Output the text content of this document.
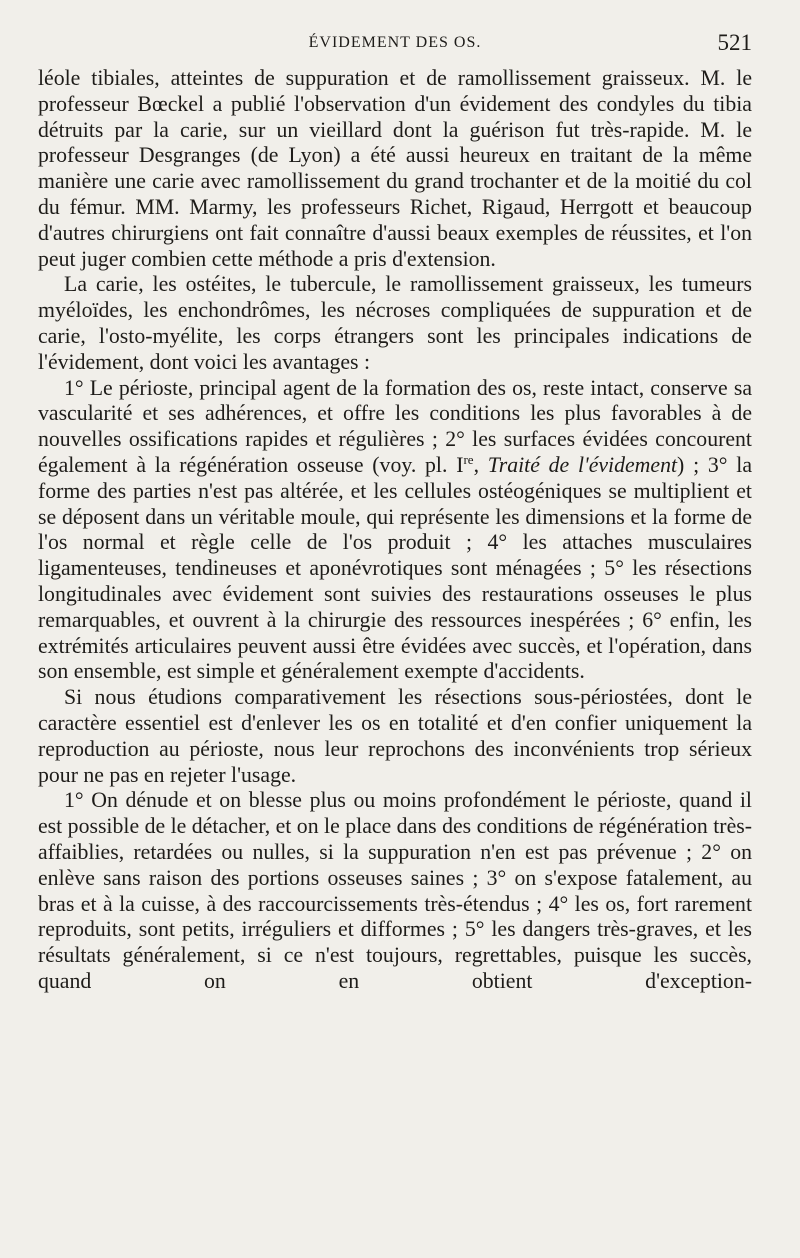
ÉVIDEMENT DES OS.	521

léole tibiales, atteintes de suppuration et de ramollissement graisseux. M. le professeur Bœckel a publié l'observation d'un évidement des condyles du tibia détruits par la carie, sur un vieillard dont la guérison fut très-rapide. M. le professeur Desgranges (de Lyon) a été aussi heureux en traitant de la même manière une carie avec ramollissement du grand trochanter et de la moitié du col du fémur. MM. Marmy, les professeurs Richet, Rigaud, Herrgott et beaucoup d'autres chirurgiens ont fait connaître d'aussi beaux exemples de réussites, et l'on peut juger combien cette méthode a pris d'extension.

La carie, les ostéites, le tubercule, le ramollissement graisseux, les tumeurs myéloïdes, les enchondrômes, les nécroses compliquées de suppuration et de carie, l'osto-myélite, les corps étrangers sont les principales indications de l'évidement, dont voici les avantages :

1° Le périoste, principal agent de la formation des os, reste intact, conserve sa vascularité et ses adhérences, et offre les conditions les plus favorables à de nouvelles ossifications rapides et régulières ; 2° les surfaces évidées concourent également à la régénération osseuse (voy. pl. Ire, Traité de l'évidement) ; 3° la forme des parties n'est pas altérée, et les cellules ostéogéniques se multiplient et se déposent dans un véritable moule, qui représente les dimensions et la forme de l'os normal et règle celle de l'os produit ; 4° les attaches musculaires ligamenteuses, tendineuses et aponévrotiques sont ménagées ; 5° les résections longitudinales avec évidement sont suivies des restaurations osseuses le plus remarquables, et ouvrent à la chirurgie des ressources inespérées ; 6° enfin, les extrémités articulaires peuvent aussi être évidées avec succès, et l'opération, dans son ensemble, est simple et généralement exempte d'accidents.

Si nous étudions comparativement les résections sous-périostées, dont le caractère essentiel est d'enlever les os en totalité et d'en confier uniquement la reproduction au périoste, nous leur reprochons des inconvénients trop sérieux pour ne pas en rejeter l'usage.

1° On dénude et on blesse plus ou moins profondément le périoste, quand il est possible de le détacher, et on le place dans des conditions de régénération très-affaiblies, retardées ou nulles, si la suppuration n'en est pas prévenue ; 2° on enlève sans raison des portions osseuses saines ; 3° on s'expose fatalement, au bras et à la cuisse, à des raccourcissements très-étendus ; 4° les os, fort rarement reproduits, sont petits, irréguliers et difformes ; 5° les dangers très-graves, et les résultats généralement, si ce n'est toujours, regrettables, puisque les succès, quand on en obtient d'exception-
